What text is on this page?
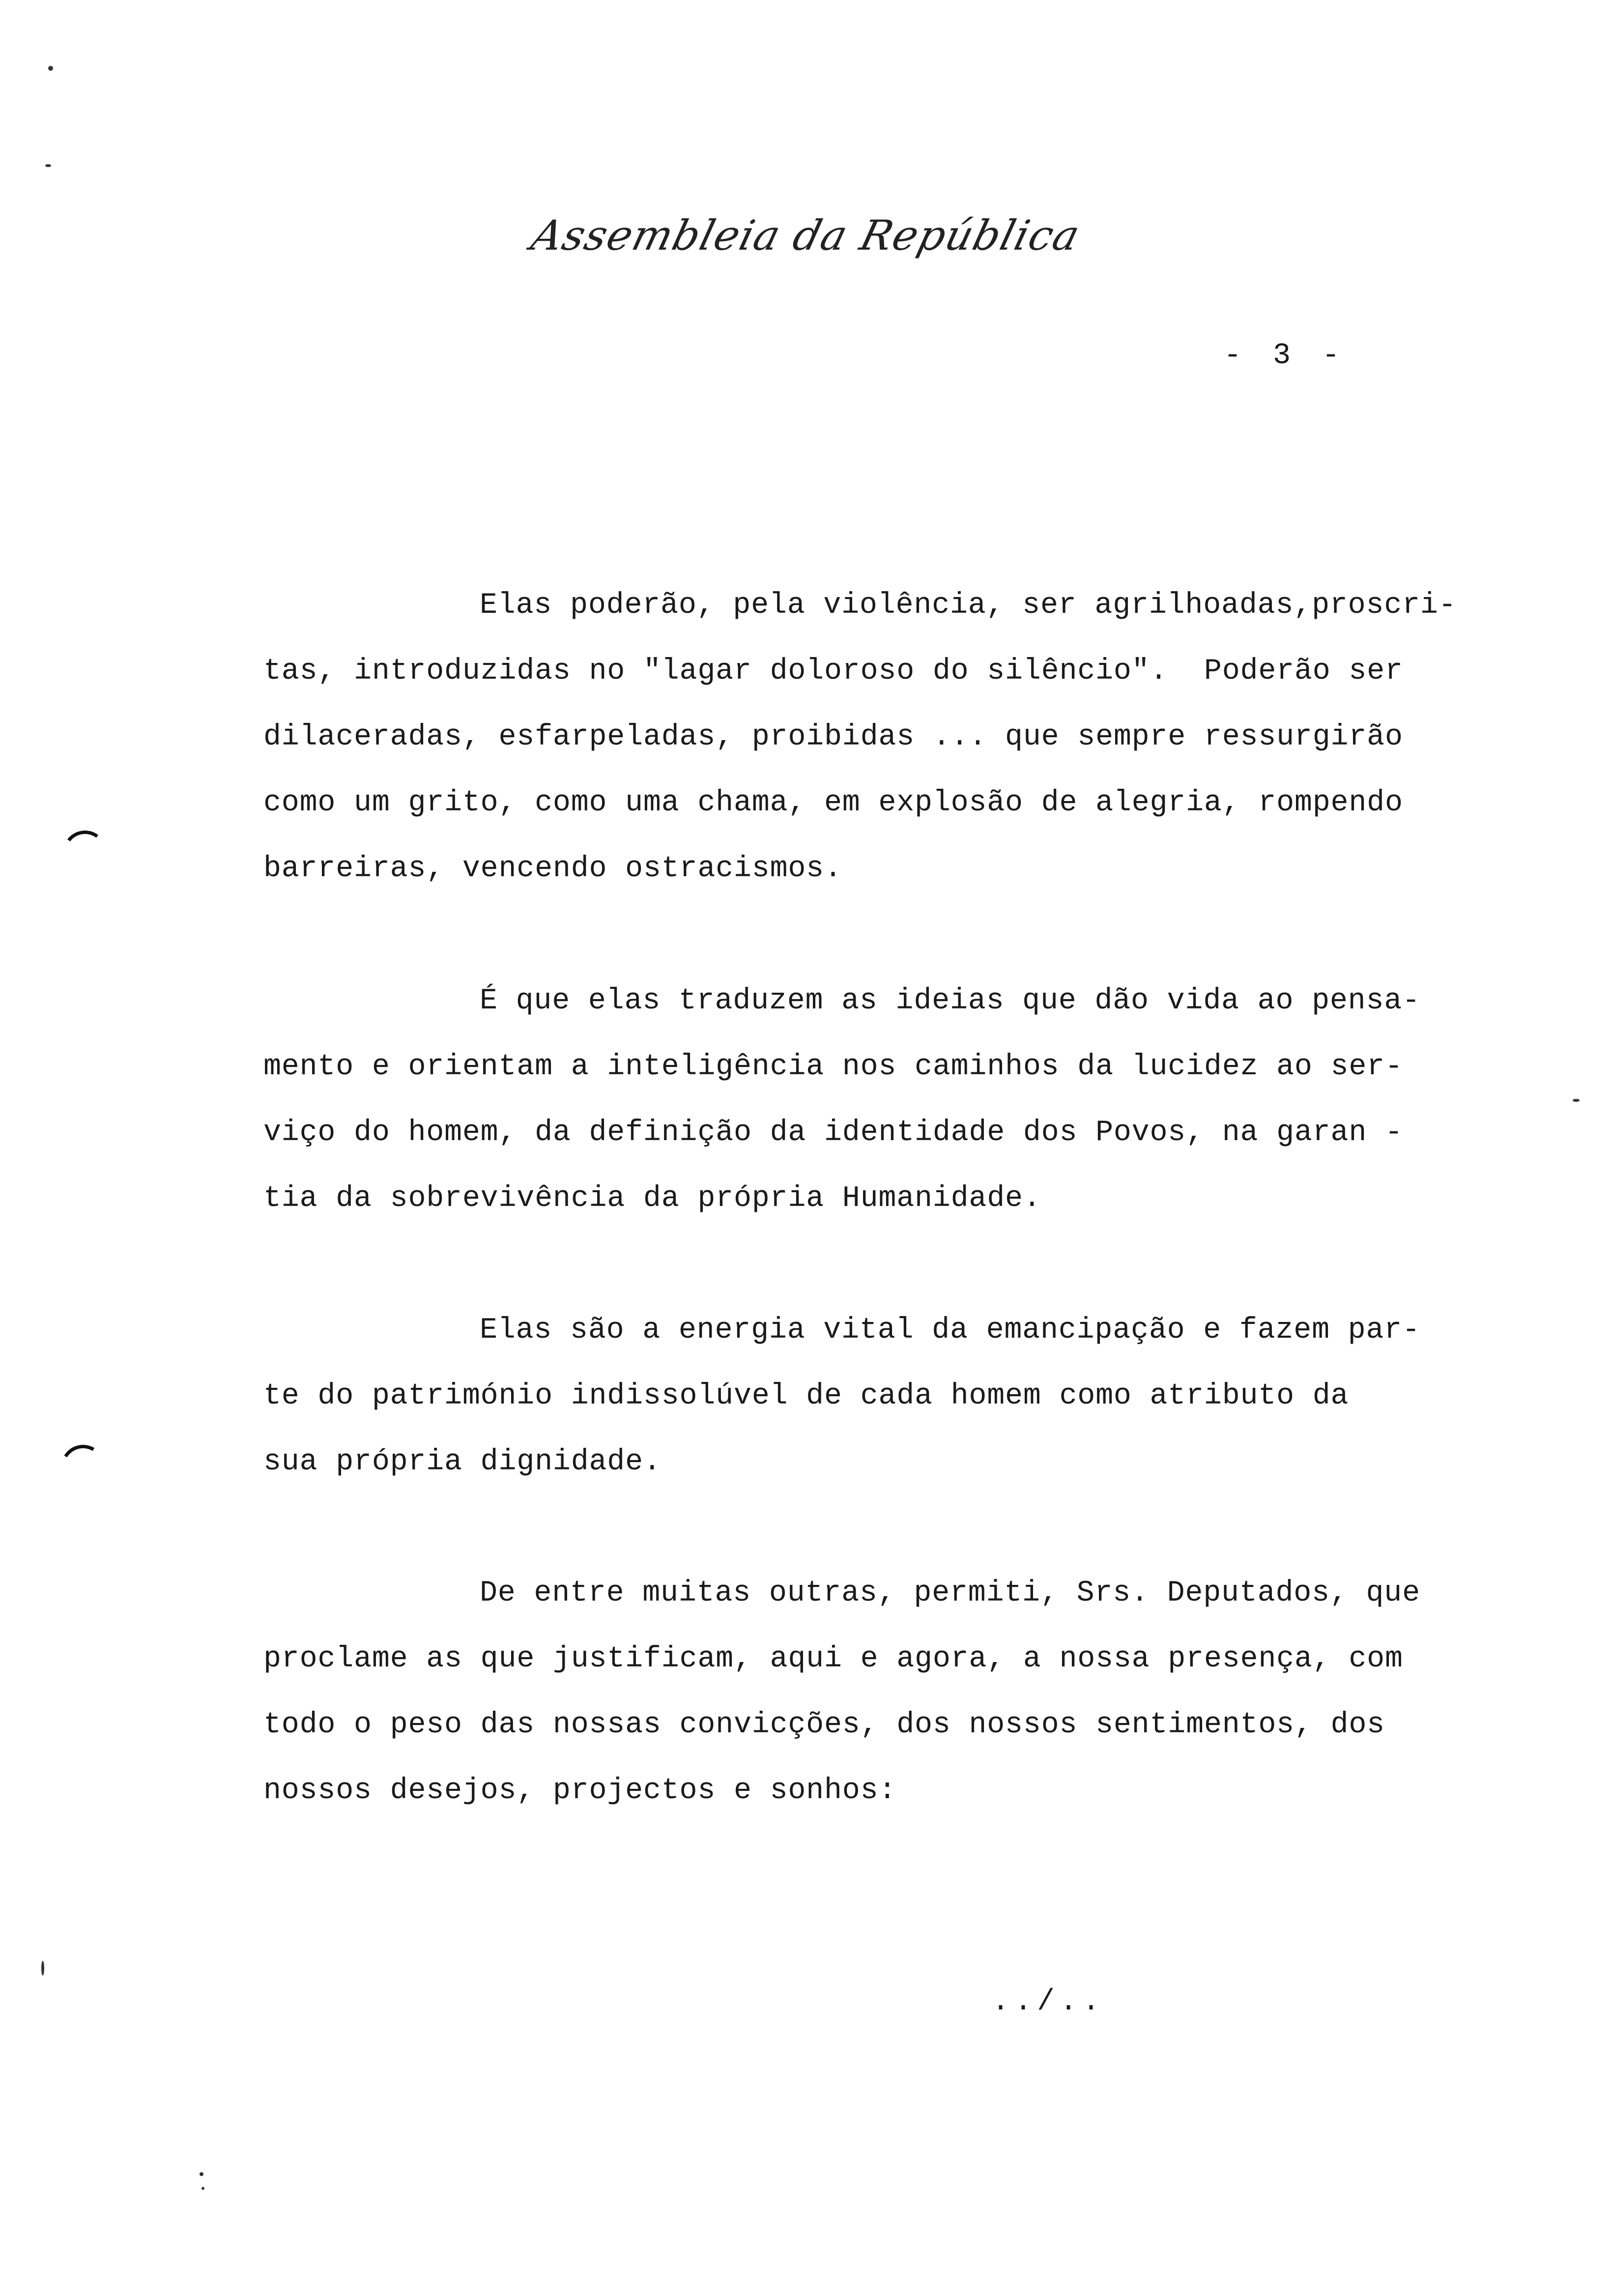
Assembleia da República
- 3 -
Elas poderão, pela violência, ser agrilhoadas,proscri-
tas, introduzidas no "lagar doloroso do silêncio".  Poderão ser
dilaceradas, esfarpeladas, proibidas ... que sempre ressurgirão
como um grito, como uma chama, em explosão de alegria, rompendo
barreiras, vencendo ostracismos.
É que elas traduzem as ideias que dão vida ao pensa-
mento e orientam a inteligência nos caminhos da lucidez ao ser-
viço do homem, da definição da identidade dos Povos, na garan -
tia da sobrevivência da própria Humanidade.
Elas são a energia vital da emancipação e fazem par-
te do património indissolúvel de cada homem como atributo da
sua própria dignidade.
De entre muitas outras, permiti, Srs. Deputados, que
proclame as que justificam, aqui e agora, a nossa presença, com
todo o peso das nossas convicções, dos nossos sentimentos, dos
nossos desejos, projectos e sonhos:
../..
